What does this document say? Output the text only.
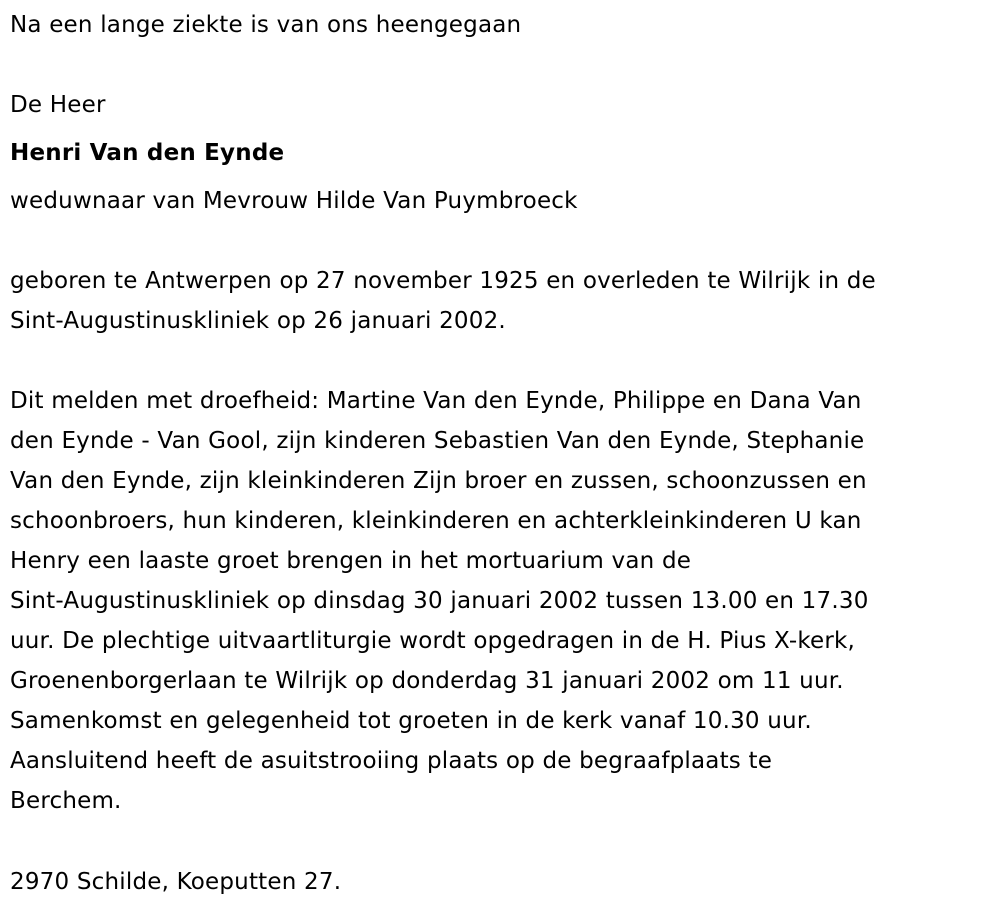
Na een lange ziekte is van ons heengegaan
De Heer
Henri Van den Eynde
weduwnaar van Mevrouw Hilde Van Puymbroeck
geboren te Antwerpen op 27 november 1925 en overleden te Wilrijk in de
Sint-Augustinuskliniek op 26 januari 2002.
Dit melden met droefheid: Martine Van den Eynde, Philippe en Dana Van
den Eynde - Van Gool, zijn kinderen Sebastien Van den Eynde, Stephanie
Van den Eynde, zijn kleinkinderen Zijn broer en zussen, schoonzussen en
schoonbroers, hun kinderen, kleinkinderen en achterkleinkinderen U kan
Henry een laaste groet brengen in het mortuarium van de
Sint-Augustinuskliniek op dinsdag 30 januari 2002 tussen 13.00 en 17.30
uur. De plechtige uitvaartliturgie wordt opgedragen in de H. Pius X-kerk,
Groenenborgerlaan te Wilrijk op donderdag 31 januari 2002 om 11 uur.
Samenkomst en gelegenheid tot groeten in de kerk vanaf 10.30 uur.
Aansluitend heeft de asuitstrooiing plaats op de begraafplaats te
Berchem.
2970 Schilde, Koeputten 27.
